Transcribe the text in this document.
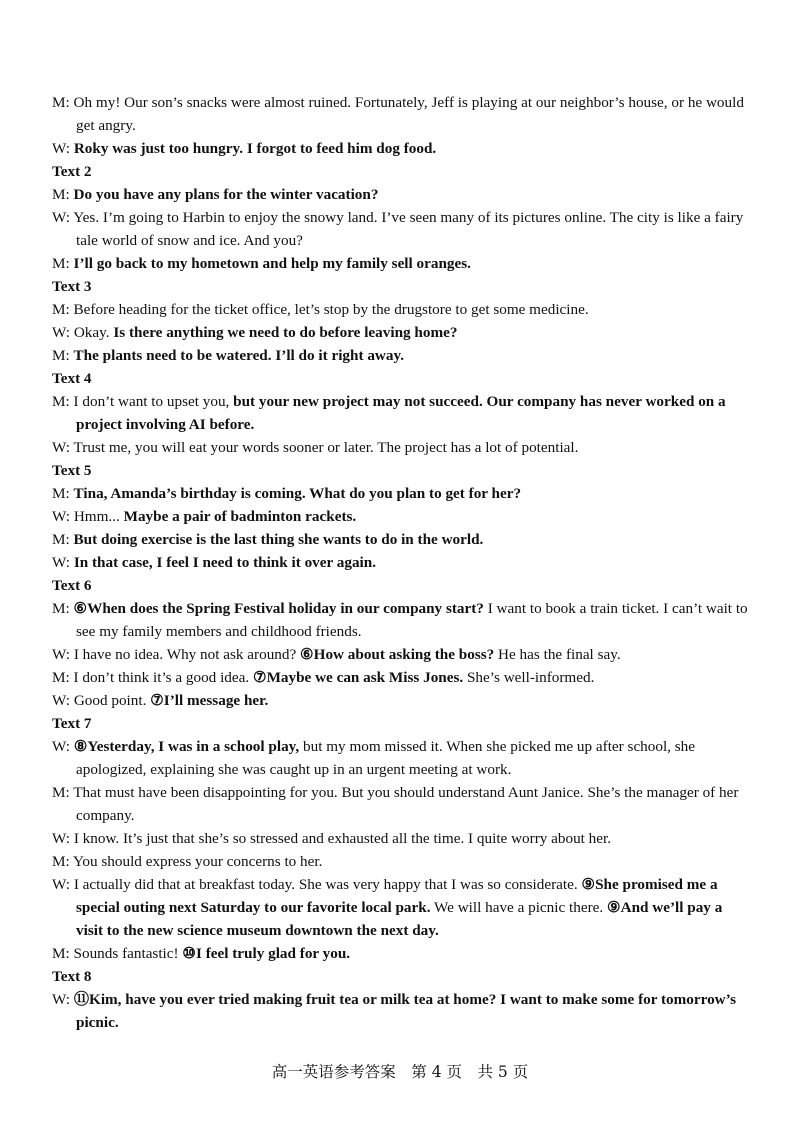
M: Oh my! Our son’s snacks were almost ruined. Fortunately, Jeff is playing at our neighbor’s house, or he would get angry.

W: Roky was just too hungry. I forgot to feed him dog food.

Text 2

M: Do you have any plans for the winter vacation?

W: Yes. I’m going to Harbin to enjoy the snowy land. I’ve seen many of its pictures online. The city is like a fairy tale world of snow and ice. And you?

M: I’ll go back to my hometown and help my family sell oranges.

Text 3

M: Before heading for the ticket office, let’s stop by the drugstore to get some medicine.

W: Okay. Is there anything we need to do before leaving home?

M: The plants need to be watered. I’ll do it right away.

Text 4

M: I don’t want to upset you, but your new project may not succeed. Our company has never worked on a project involving AI before.

W: Trust me, you will eat your words sooner or later. The project has a lot of potential.

Text 5

M: Tina, Amanda’s birthday is coming. What do you plan to get for her?

W: Hmm... Maybe a pair of badminton rackets.

M: But doing exercise is the last thing she wants to do in the world.

W: In that case, I feel I need to think it over again.

Text 6

M: ⑥When does the Spring Festival holiday in our company start? I want to book a train ticket. I can’t wait to see my family members and childhood friends.

W: I have no idea. Why not ask around? ⑥How about asking the boss? He has the final say.

M: I don’t think it’s a good idea. ⑦Maybe we can ask Miss Jones. She’s well-informed.

W: Good point. ⑦I’ll message her.

Text 7

W: ⑧Yesterday, I was in a school play, but my mom missed it. When she picked me up after school, she apologized, explaining she was caught up in an urgent meeting at work.

M: That must have been disappointing for you. But you should understand Aunt Janice. She’s the manager of her company.

W: I know. It’s just that she’s so stressed and exhausted all the time. I quite worry about her.

M: You should express your concerns to her.

W: I actually did that at breakfast today. She was very happy that I was so considerate. ⑨She promised me a special outing next Saturday to our favorite local park. We will have a picnic there. ⑨And we’ll pay a visit to the new science museum downtown the next day.

M: Sounds fantastic! ⑩I feel truly glad for you.

Text 8

W: ⑪Kim, have you ever tried making fruit tea or milk tea at home? I want to make some for tomorrow’s picnic.

高一英语参考答案　第 4 页　共 5 页
